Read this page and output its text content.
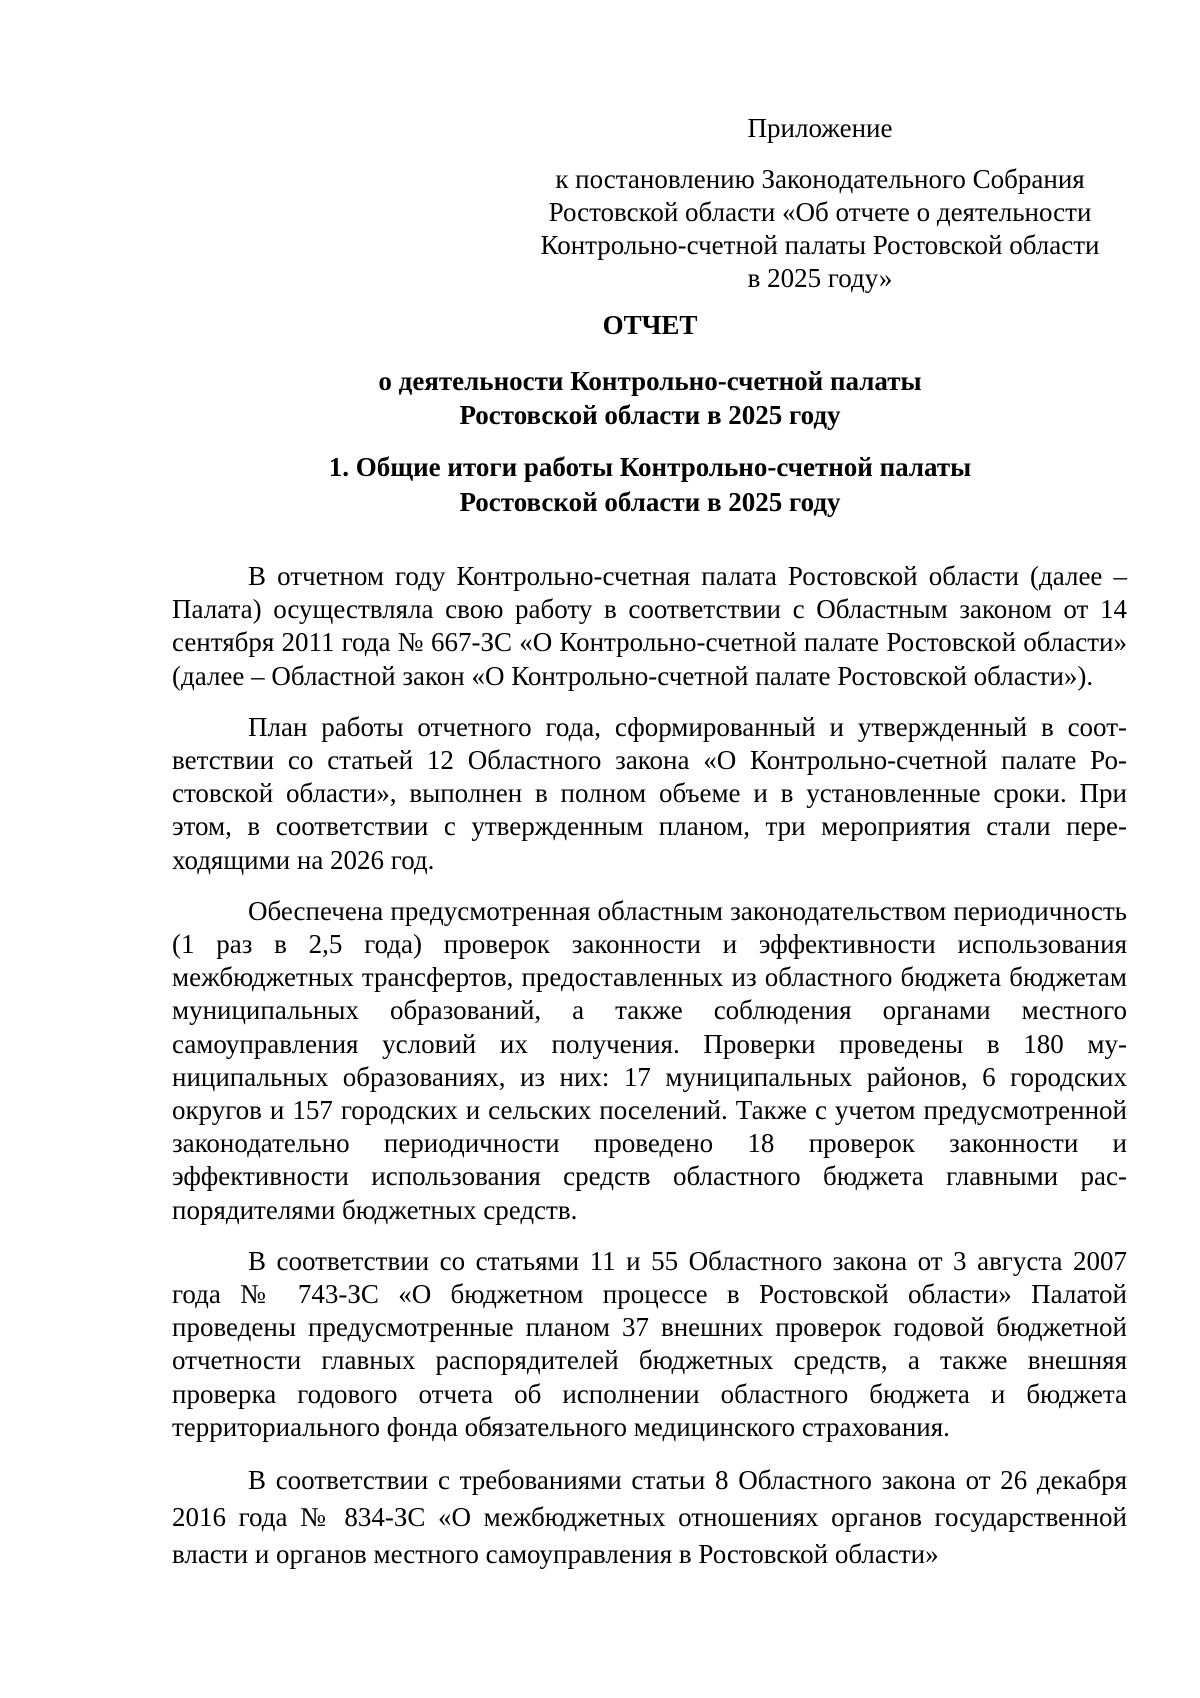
Приложение
к постановлению Законодательного Собрания
Ростовской области «Об отчете о деятельности
Контрольно-счетной палаты Ростовской области
в 2025 году»
ОТЧЕТ
о деятельности Контрольно-счетной палаты
Ростовской области в 2025 году
1. Общие итоги работы Контрольно-счетной палаты
Ростовской области в 2025 году

В отчетном году Контрольно-счетная палата Ростовской области (далее – Палата) осуществляла свою работу в соответствии с Областным законом от 14 сентября 2011 года № 667-ЗС «О Контрольно-счетной палате Ростовской области» (далее – Областной закон «О Контрольно-счетной палате Ростовской области»).

План работы отчетного года, сформированный и утвержденный в соответствии со статьей 12 Областного закона «О Контрольно-счетной палате Ростовской области», выполнен в полном объеме и в установленные сроки. При этом, в соответствии с утвержденным планом, три мероприятия стали переходящими на 2026 год.

Обеспечена предусмотренная областным законодательством периодичность (1 раз в 2,5 года) проверок законности и эффективности использования межбюджетных трансфертов, предоставленных из областного бюджета бюджетам муниципальных образований, а также соблюдения органами местного самоуправления условий их получения. Проверки проведены в 180 муниципальных образованиях, из них: 17 муниципальных районов, 6 городских округов и 157 городских и сельских поселений. Также с учетом предусмотренной законодательно периодичности проведено 18 проверок законности и эффективности использования средств областного бюджета главными распорядителями бюджетных средств.

В соответствии со статьями 11 и 55 Областного закона от 3 августа 2007 года № 743-ЗС «О бюджетном процессе в Ростовской области» Палатой проведены предусмотренные планом 37 внешних проверок годовой бюджетной отчетности главных распорядителей бюджетных средств, а также внешняя проверка годового отчета об исполнении областного бюджета и бюджета территориального фонда обязательного медицинского страхования.

В соответствии с требованиями статьи 8 Областного закона от 26 декабря 2016 года № 834-ЗС «О межбюджетных отношениях органов государственной власти и органов местного самоуправления в Ростовской области»
